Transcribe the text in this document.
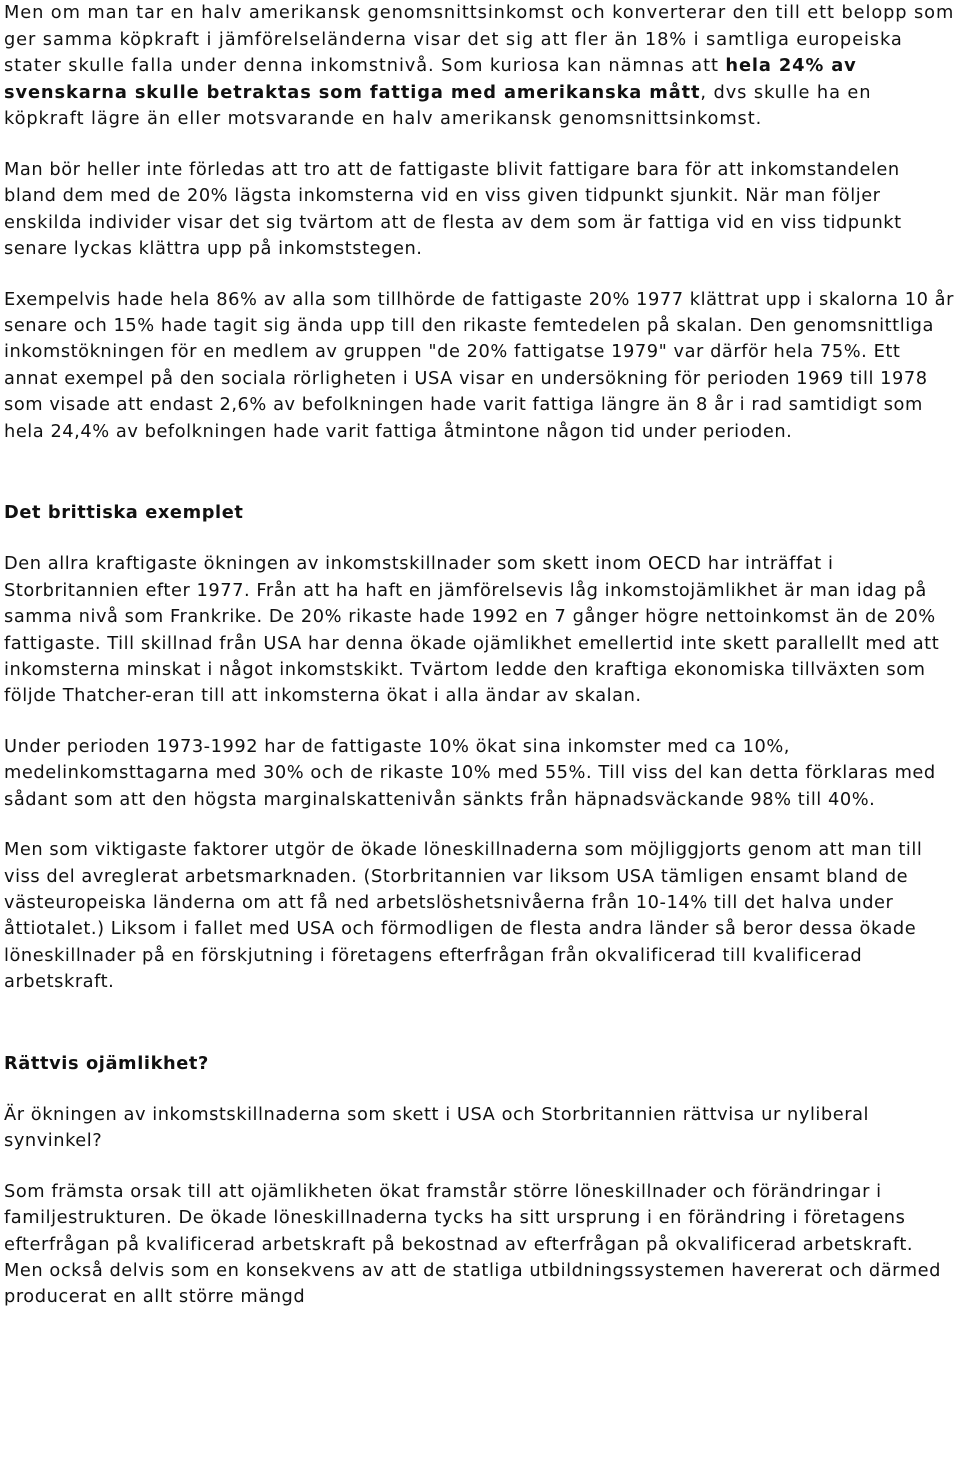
Men om man tar en halv amerikansk genomsnittsinkomst och konverterar den till ett belopp som ger samma köpkraft i jämförelseländerna visar det sig att fler än 18% i samtliga europeiska stater skulle falla under denna inkomstnivå. Som kuriosa kan nämnas att hela 24% av svenskarna skulle betraktas som fattiga med amerikanska mått, dvs skulle ha en köpkraft lägre än eller motsvarande en halv amerikansk genomsnittsinkomst.

Man bör heller inte förledas att tro att de fattigaste blivit fattigare bara för att inkomstandelen bland dem med de 20% lägsta inkomsterna vid en viss given tidpunkt sjunkit. När man följer enskilda individer visar det sig tvärtom att de flesta av dem som är fattiga vid en viss tidpunkt senare lyckas klättra upp på inkomststegen.

Exempelvis hade hela 86% av alla som tillhörde de fattigaste 20% 1977 klättrat upp i skalorna 10 år senare och 15% hade tagit sig ända upp till den rikaste femtedelen på skalan. Den genomsnittliga inkomstökningen för en medlem av gruppen "de 20% fattigatse 1979" var därför hela 75%. Ett annat exempel på den sociala rörligheten i USA visar en undersökning för perioden 1969 till 1978 som visade att endast 2,6% av befolkningen hade varit fattiga längre än 8 år i rad samtidigt som hela 24,4% av befolkningen hade varit fattiga åtmintone någon tid under perioden.

Det brittiska exemplet

Den allra kraftigaste ökningen av inkomstskillnader som skett inom OECD har inträffat i Storbritannien efter 1977. Från att ha haft en jämförelsevis låg inkomstojämlikhet är man idag på samma nivå som Frankrike. De 20% rikaste hade 1992 en 7 gånger högre nettoinkomst än de 20% fattigaste. Till skillnad från USA har denna ökade ojämlikhet emellertid inte skett parallellt med att inkomsterna minskat i något inkomstskikt. Tvärtom ledde den kraftiga ekonomiska tillväxten som följde Thatcher-eran till att inkomsterna ökat i alla ändar av skalan.

Under perioden 1973-1992 har de fattigaste 10% ökat sina inkomster med ca 10%, medelinkomsttagarna med 30% och de rikaste 10% med 55%. Till viss del kan detta förklaras med sådant som att den högsta marginalskattenivån sänkts från häpnadsväckande 98% till 40%.

Men som viktigaste faktorer utgör de ökade löneskillnaderna som möjliggjorts genom att man till viss del avreglerat arbetsmarknaden. (Storbritannien var liksom USA tämligen ensamt bland de västeuropeiska länderna om att få ned arbetslöshetsnivåerna från 10-14% till det halva under åttiotalet.) Liksom i fallet med USA och förmodligen de flesta andra länder så beror dessa ökade löneskillnader på en förskjutning i företagens efterfrågan från okvalificerad till kvalificerad arbetskraft.

Rättvis ojämlikhet?

Är ökningen av inkomstskillnaderna som skett i USA och Storbritannien rättvisa ur nyliberal synvinkel?

Som främsta orsak till att ojämlikheten ökat framstår större löneskillnader och förändringar i familjestrukturen. De ökade löneskillnaderna tycks ha sitt ursprung i en förändring i företagens efterfrågan på kvalificerad arbetskraft på bekostnad av efterfrågan på okvalificerad arbetskraft. Men också delvis som en konsekvens av att de statliga utbildningssystemen havererat och därmed producerat en allt större mängd
